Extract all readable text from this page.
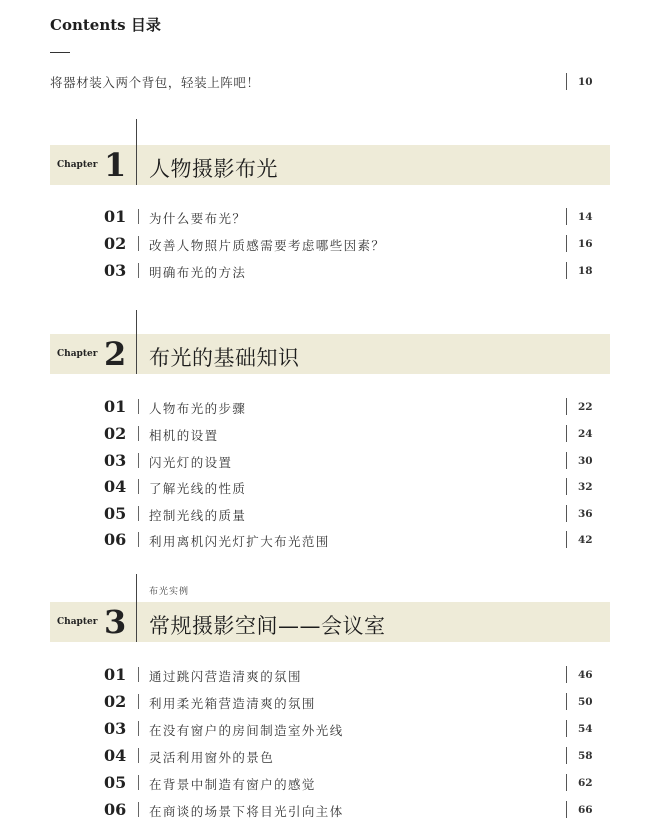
Contents 目录
将器材装入两个背包，轻装上阵吧！	10
Chapter 1 人物摄影布光
01 为什么要布光？	14
02 改善人物照片质感需要考虑哪些因素？	16
03 明确布光的方法	18
Chapter 2 布光的基础知识
01 人物布光的步骤	22
02 相机的设置	24
03 闪光灯的设置	30
04 了解光线的性质	32
05 控制光线的质量	36
06 利用离机闪光灯扩大布光范围	42
布光实例
Chapter 3 常规摄影空间——会议室
01 通过跳闪营造清爽的氛围	46
02 利用柔光箱营造清爽的氛围	50
03 在没有窗户的房间制造室外光线	54
04 灵活利用窗外的景色	58
05 在背景中制造有窗户的感觉	62
06 在商谈的场景下将目光引向主体	66
